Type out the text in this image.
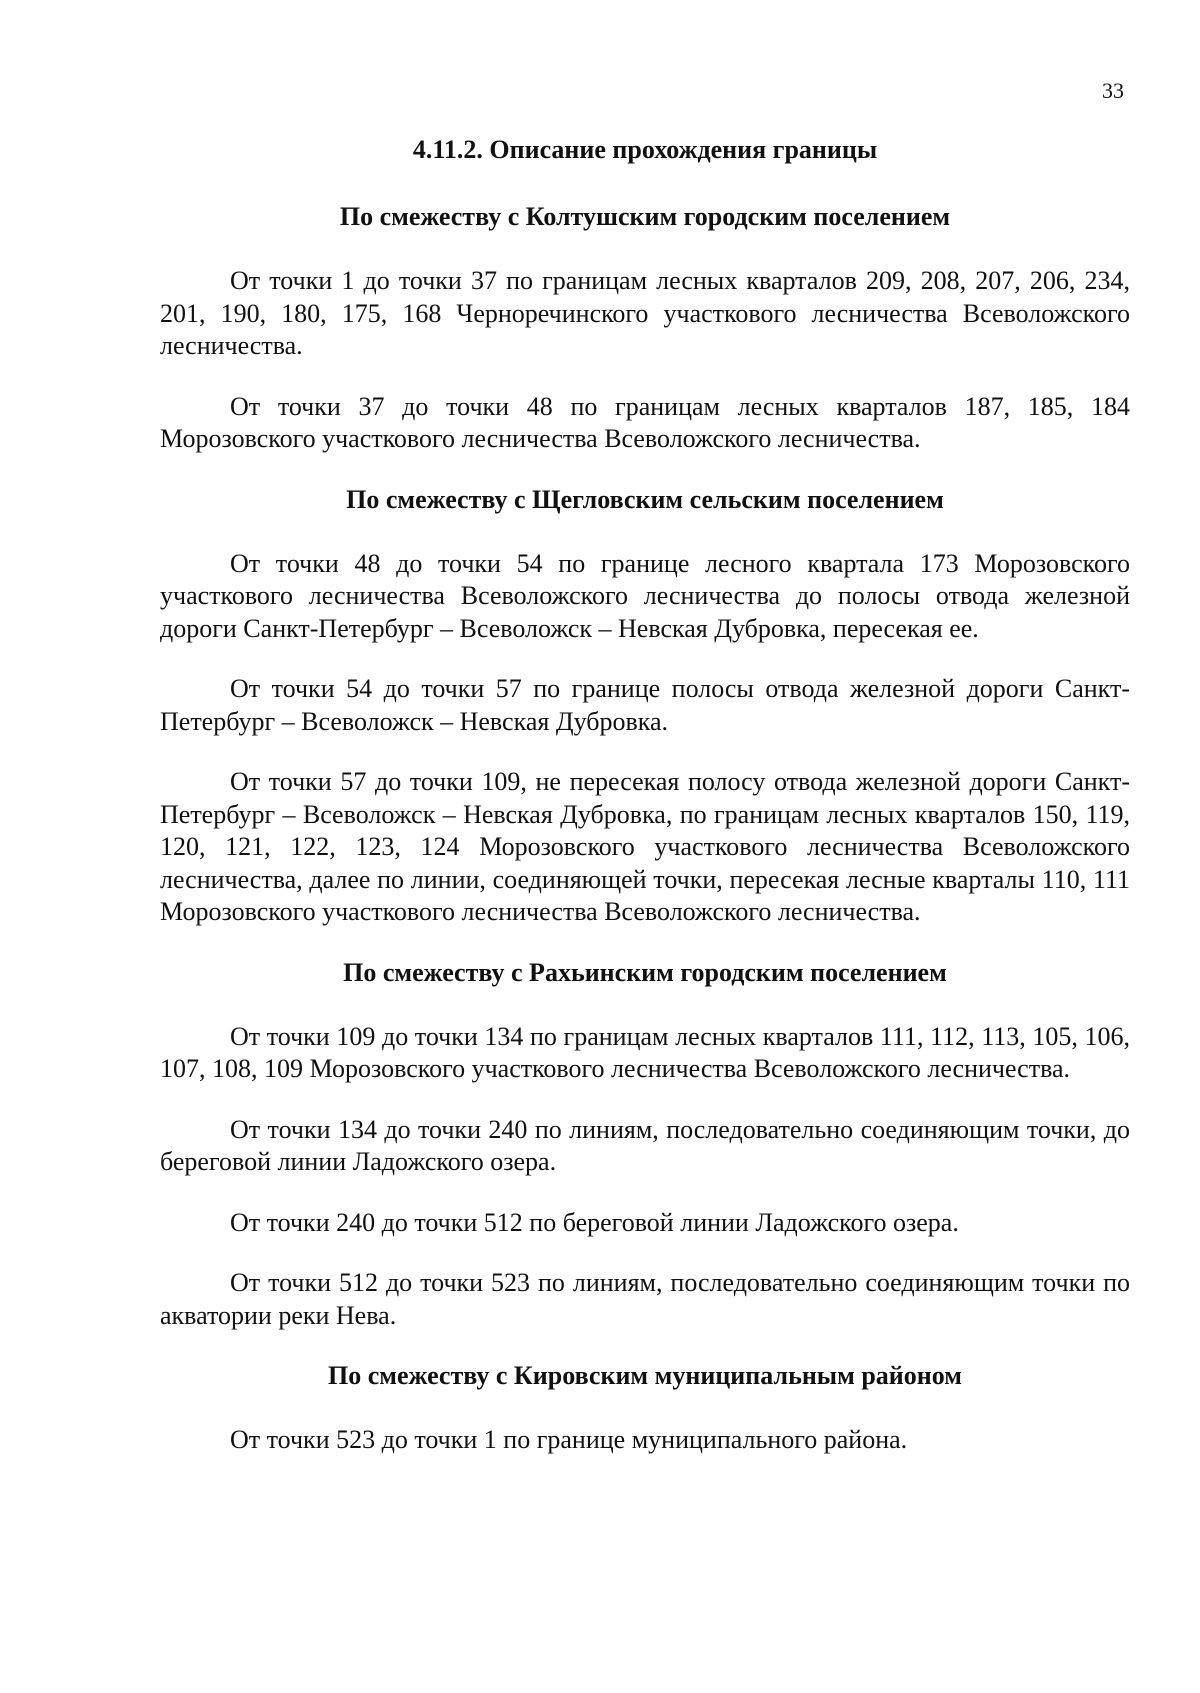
33
4.11.2. Описание прохождения границы
По смежеству с Колтушским городским поселением

От точки 1 до точки 37 по границам лесных кварталов 209, 208, 207, 206, 234, 201, 190, 180, 175, 168 Черноречинского участкового лесничества Всеволожского лесничества.

От точки 37 до точки 48 по границам лесных кварталов 187, 185, 184 Морозовского участкового лесничества Всеволожского лесничества.

По смежеству с Щегловским сельским поселением

От точки 48 до точки 54 по границе лесного квартала 173 Морозовского участкового лесничества Всеволожского лесничества до полосы отвода железной дороги Санкт-Петербург – Всеволожск – Невская Дубровка, пересекая ее.

От точки 54 до точки 57 по границе полосы отвода железной дороги Санкт-Петербург – Всеволожск – Невская Дубровка.

От точки 57 до точки 109, не пересекая полосу отвода железной дороги Санкт-Петербург – Всеволожск – Невская Дубровка, по границам лесных кварталов 150, 119, 120, 121, 122, 123, 124 Морозовского участкового лесничества Всеволожского лесничества, далее по линии, соединяющей точки, пересекая лесные кварталы 110, 111 Морозовского участкового лесничества Всеволожского лесничества.

По смежеству с Рахьинским городским поселением

От точки 109 до точки 134 по границам лесных кварталов 111, 112, 113, 105, 106, 107, 108, 109 Морозовского участкового лесничества Всеволожского лесничества.

От точки 134 до точки 240 по линиям, последовательно соединяющим точки, до береговой линии Ладожского озера.

От точки 240 до точки 512 по береговой линии Ладожского озера.

От точки 512 до точки 523 по линиям, последовательно соединяющим точки по акватории реки Нева.

По смежеству с Кировским муниципальным районом

От точки 523 до точки 1 по границе муниципального района.
